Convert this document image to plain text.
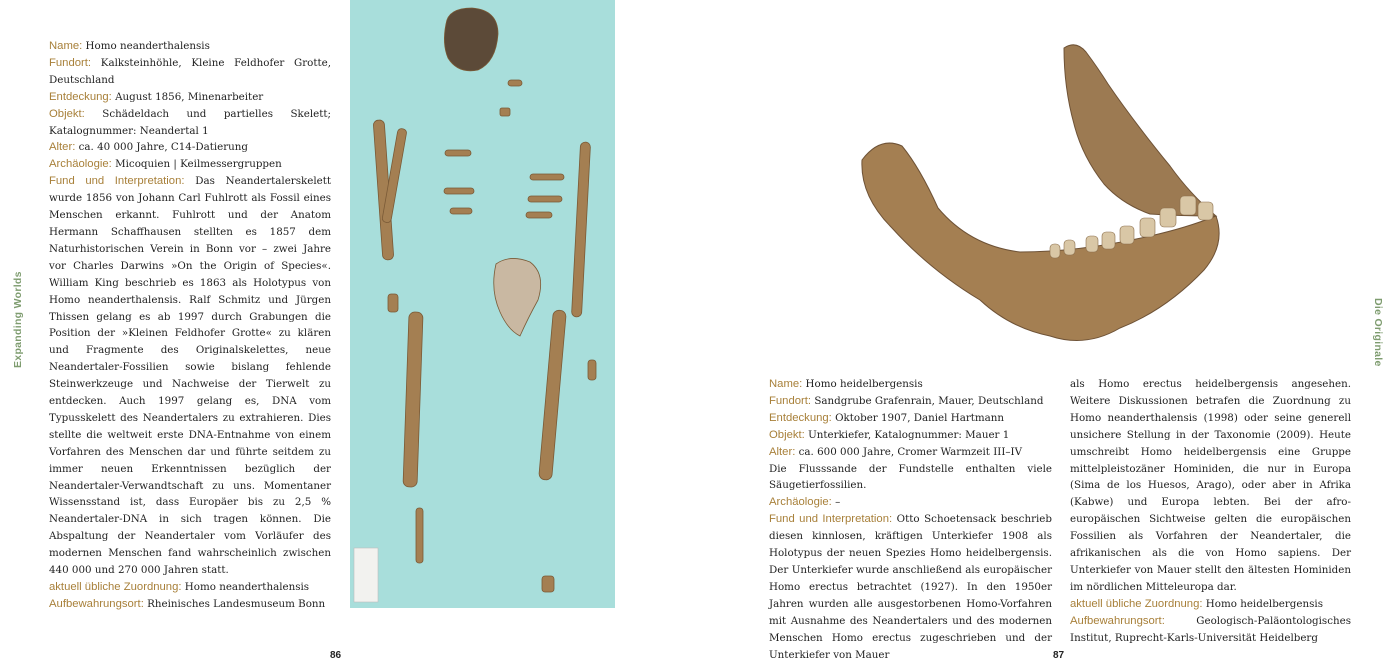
Expanding Worlds	Die Originale

Name: Homo neanderthalensis

Fundort: Kalksteinhöhle, Kleine Feldhofer Grotte, Deutschland

Entdeckung: August 1856, Minenarbeiter

Objekt: Schädeldach und partielles Skelett; Katalognummer: Neandertal 1

Alter: ca. 40 000 Jahre, C14-Datierung

Archäologie: Micoquien | Keilmessergruppen

Fund und Interpretation: Das Neandertalerskelett wurde 1856 von Johann Carl Fuhlrott als Fossil eines Menschen erkannt. Fuhlrott und der Anatom Hermann Schaffhausen stellten es 1857 dem Naturhistorischen Verein in Bonn vor – zwei Jahre vor Charles Darwins »On the Origin of Species«. William King beschrieb es 1863 als Holotypus von Homo neanderthalensis. Ralf Schmitz und Jürgen Thissen gelang es ab 1997 durch Grabungen die Position der »Kleinen Feldhofer Grotte« zu klären und Fragmente des Originalskelettes, neue Neandertaler-Fossilien sowie bislang fehlende Steinwerkzeuge und Nachweise der Tierwelt zu entdecken. Auch 1997 gelang es, DNA vom Typusskelett des Neandertalers zu extrahieren. Dies stellte die weltweit erste DNA-Entnahme von einem Vorfahren des Menschen dar und führte seitdem zu immer neuen Erkenntnissen bezüglich der Neandertaler-Verwandtschaft zu uns. Momentaner Wissensstand ist, dass Europäer bis zu 2,5 % Neandertaler-DNA in sich tragen können. Die Abspaltung der Neandertaler vom Vorläufer des modernen Menschen fand wahrscheinlich zwischen 440 000 und 270 000 Jahren statt.

aktuell übliche Zuordnung: Homo neanderthalensis

Aufbewahrungsort: Rheinisches Landesmuseum Bonn

Name: Homo heidelbergensis

Fundort: Sandgrube Grafenrain, Mauer, Deutschland

Entdeckung: Oktober 1907, Daniel Hartmann

Objekt: Unterkiefer, Katalognummer: Mauer 1

Alter: ca. 600 000 Jahre, Cromer Warmzeit III–IV

Die Flusssande der Fundstelle enthalten viele Säugetierfossilien.

Archäologie: –

Fund und Interpretation: Otto Schoetensack beschrieb diesen kinnlosen, kräftigen Unterkiefer 1908 als Holotypus der neuen Spezies Homo heidelbergensis. Der Unterkiefer wurde anschließend als europäischer Homo erectus betrachtet (1927). In den 1950er Jahren wurden alle ausgestorbenen Homo-Vorfahren mit Ausnahme des Neandertalers und des modernen Menschen Homo erectus zugeschrieben und der Unterkiefer von Mauer

als Homo erectus heidelbergensis angesehen. Weitere Diskussionen betrafen die Zuordnung zu Homo neanderthalensis (1998) oder seine generell unsichere Stellung in der Taxonomie (2009). Heute umschreibt Homo heidelbergensis eine Gruppe mittelpleistozäner Hominiden, die nur in Europa (Sima de los Huesos, Arago), oder aber in Afrika (Kabwe) und Europa lebten. Bei der afro-europäischen Sichtweise gelten die europäischen Fossilien als Vorfahren der Neandertaler, die afrikanischen als die von Homo sapiens. Der Unterkiefer von Mauer stellt den ältesten Hominiden im nördlichen Mitteleuropa dar.

aktuell übliche Zuordnung: Homo heidelbergensis

Aufbewahrungsort: Geologisch-Paläontologisches Institut, Ruprecht-Karls-Universität Heidelberg

86	87
